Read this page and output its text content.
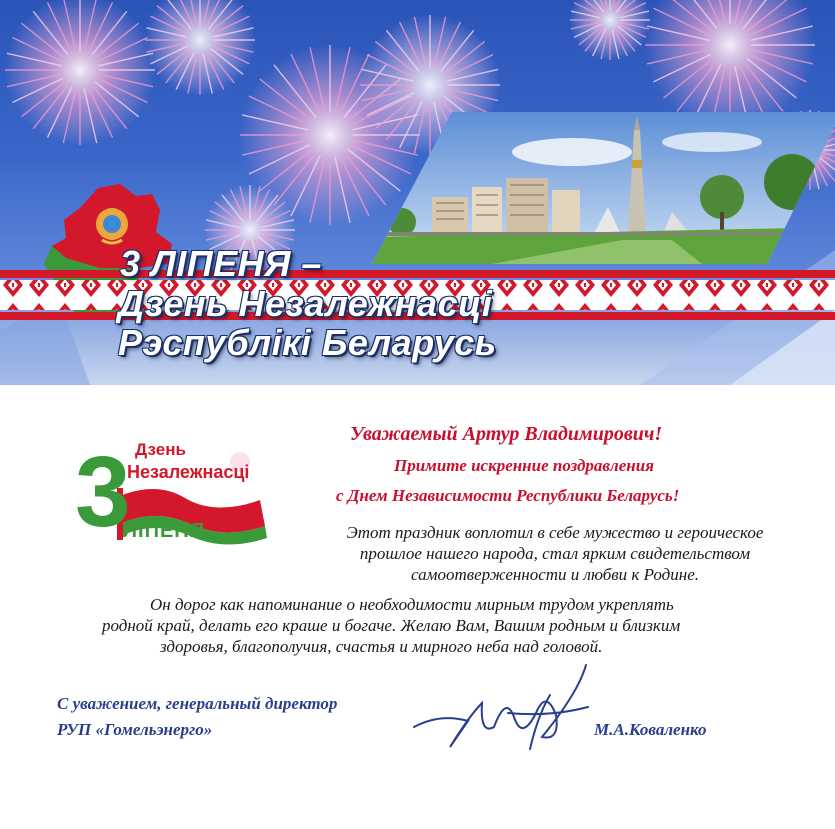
3 ЛІПЕНЯ –
Дзень Незалежнасці
Рэспублікі Беларусь
3 Дзень
Незалежнасці
ЛІПЕНЯ
Уважаемый Артур Владимирович!
Примите искренние поздравления
с Днем Независимости Республики Беларусь!
Этот праздник воплотил в себе мужество и героическое
прошлое нашего народа, стал ярким свидетельством
самоотверженности и любви к Родине.
Он дорог как напоминание о необходимости мирным трудом укреплять
родной край, делать его краше и богаче. Желаю Вам, Вашим родным и близким
здоровья, благополучия, счастья и мирного неба над головой.
С уважением, генеральный директор
РУП «Гомельэнерго»	М.А.Коваленко
